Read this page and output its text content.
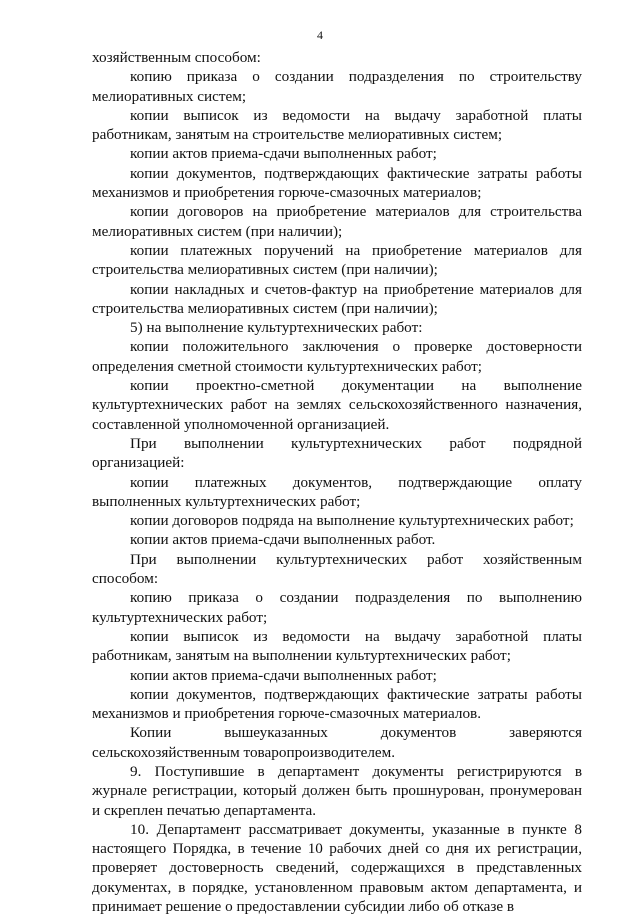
4

хозяйственным способом:

копию приказа о создании подразделения по строительству мелиоративных систем;

копии выписок из ведомости на выдачу заработной платы работникам, занятым на строительстве мелиоративных систем;

копии актов приема-сдачи выполненных работ;

копии документов, подтверждающих фактические затраты работы механизмов и приобретения горюче-смазочных материалов;

копии договоров на приобретение материалов для строительства мелиоративных систем (при наличии);

копии платежных поручений на приобретение материалов для строительства мелиоративных систем (при наличии);

копии накладных и счетов-фактур на приобретение материалов для строительства мелиоративных систем (при наличии);

5) на выполнение культуртехнических работ:

копии положительного заключения о проверке достоверности определения сметной стоимости культуртехнических работ;

копии проектно-сметной документации на выполнение культуртехнических работ на землях сельскохозяйственного назначения, составленной уполномоченной организацией.

При выполнении культуртехнических работ подрядной организацией:

копии платежных документов, подтверждающие оплату выполненных культуртехнических работ;

копии договоров подряда на выполнение культуртехнических работ;

копии актов приема-сдачи выполненных работ.

При выполнении культуртехнических работ хозяйственным способом:

копию приказа о создании подразделения по выполнению культуртехнических работ;

копии выписок из ведомости на выдачу заработной платы работникам, занятым на выполнении культуртехнических работ;

копии актов приема-сдачи выполненных работ;

копии документов, подтверждающих фактические затраты работы механизмов и приобретения горюче-смазочных материалов.

Копии вышеуказанных документов заверяются сельскохозяйственным товаропроизводителем.

9. Поступившие в департамент документы регистрируются в журнале регистрации, который должен быть прошнурован, пронумерован и скреплен печатью департамента.

10. Департамент рассматривает документы, указанные в пункте 8 настоящего Порядка, в течение 10 рабочих дней со дня их регистрации, проверяет достоверность сведений, содержащихся в представленных документах, в порядке, установленном правовым актом департамента, и принимает решение о предоставлении субсидии либо об отказе в
